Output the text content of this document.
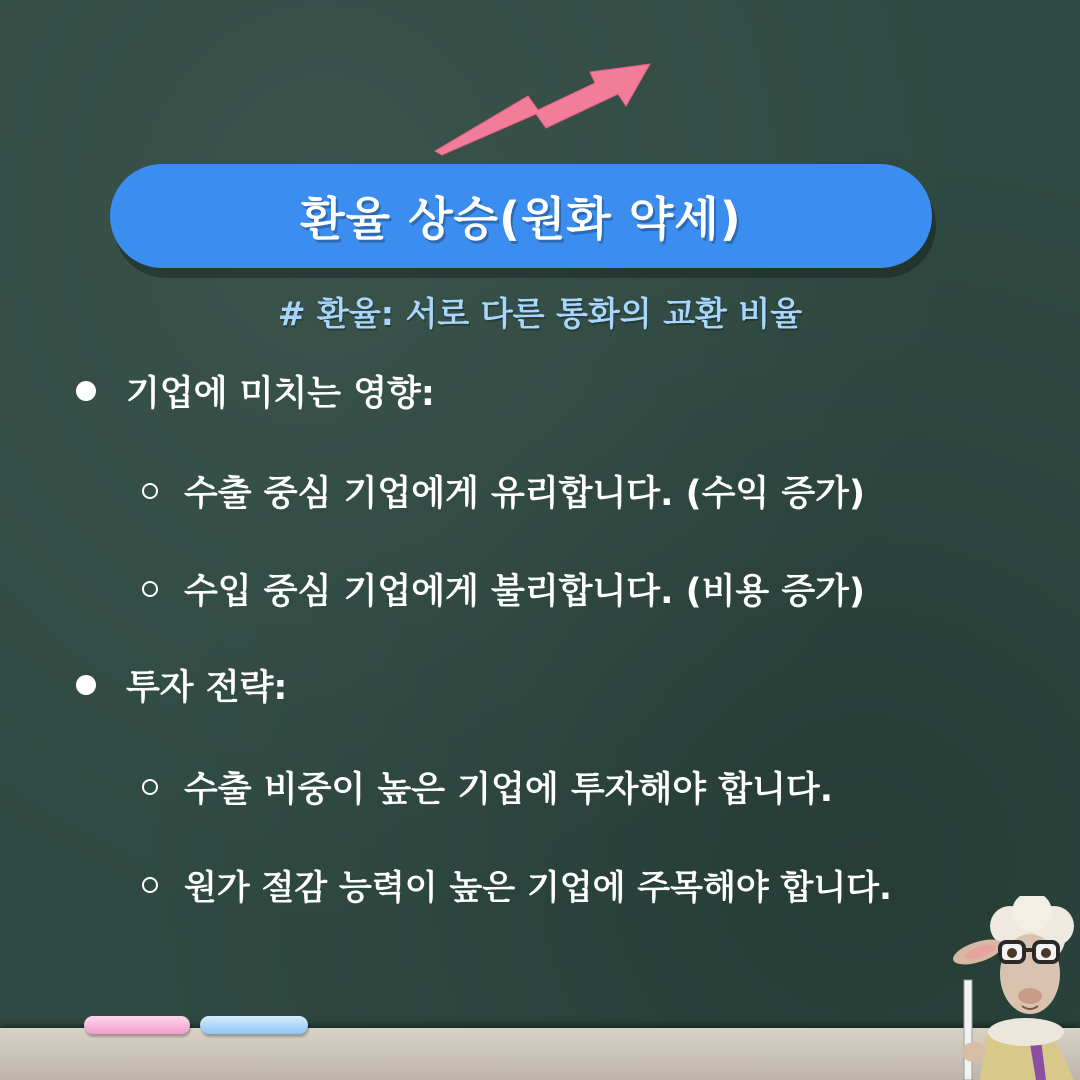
환율 상승(원화 약세)
# 환율: 서로 다른 통화의 교환 비율
기업에 미치는 영향:
수출 중심 기업에게 유리합니다. (수익 증가)
수입 중심 기업에게 불리합니다. (비용 증가)
투자 전략:
수출 비중이 높은 기업에 투자해야 합니다.
원가 절감 능력이 높은 기업에 주목해야 합니다.
